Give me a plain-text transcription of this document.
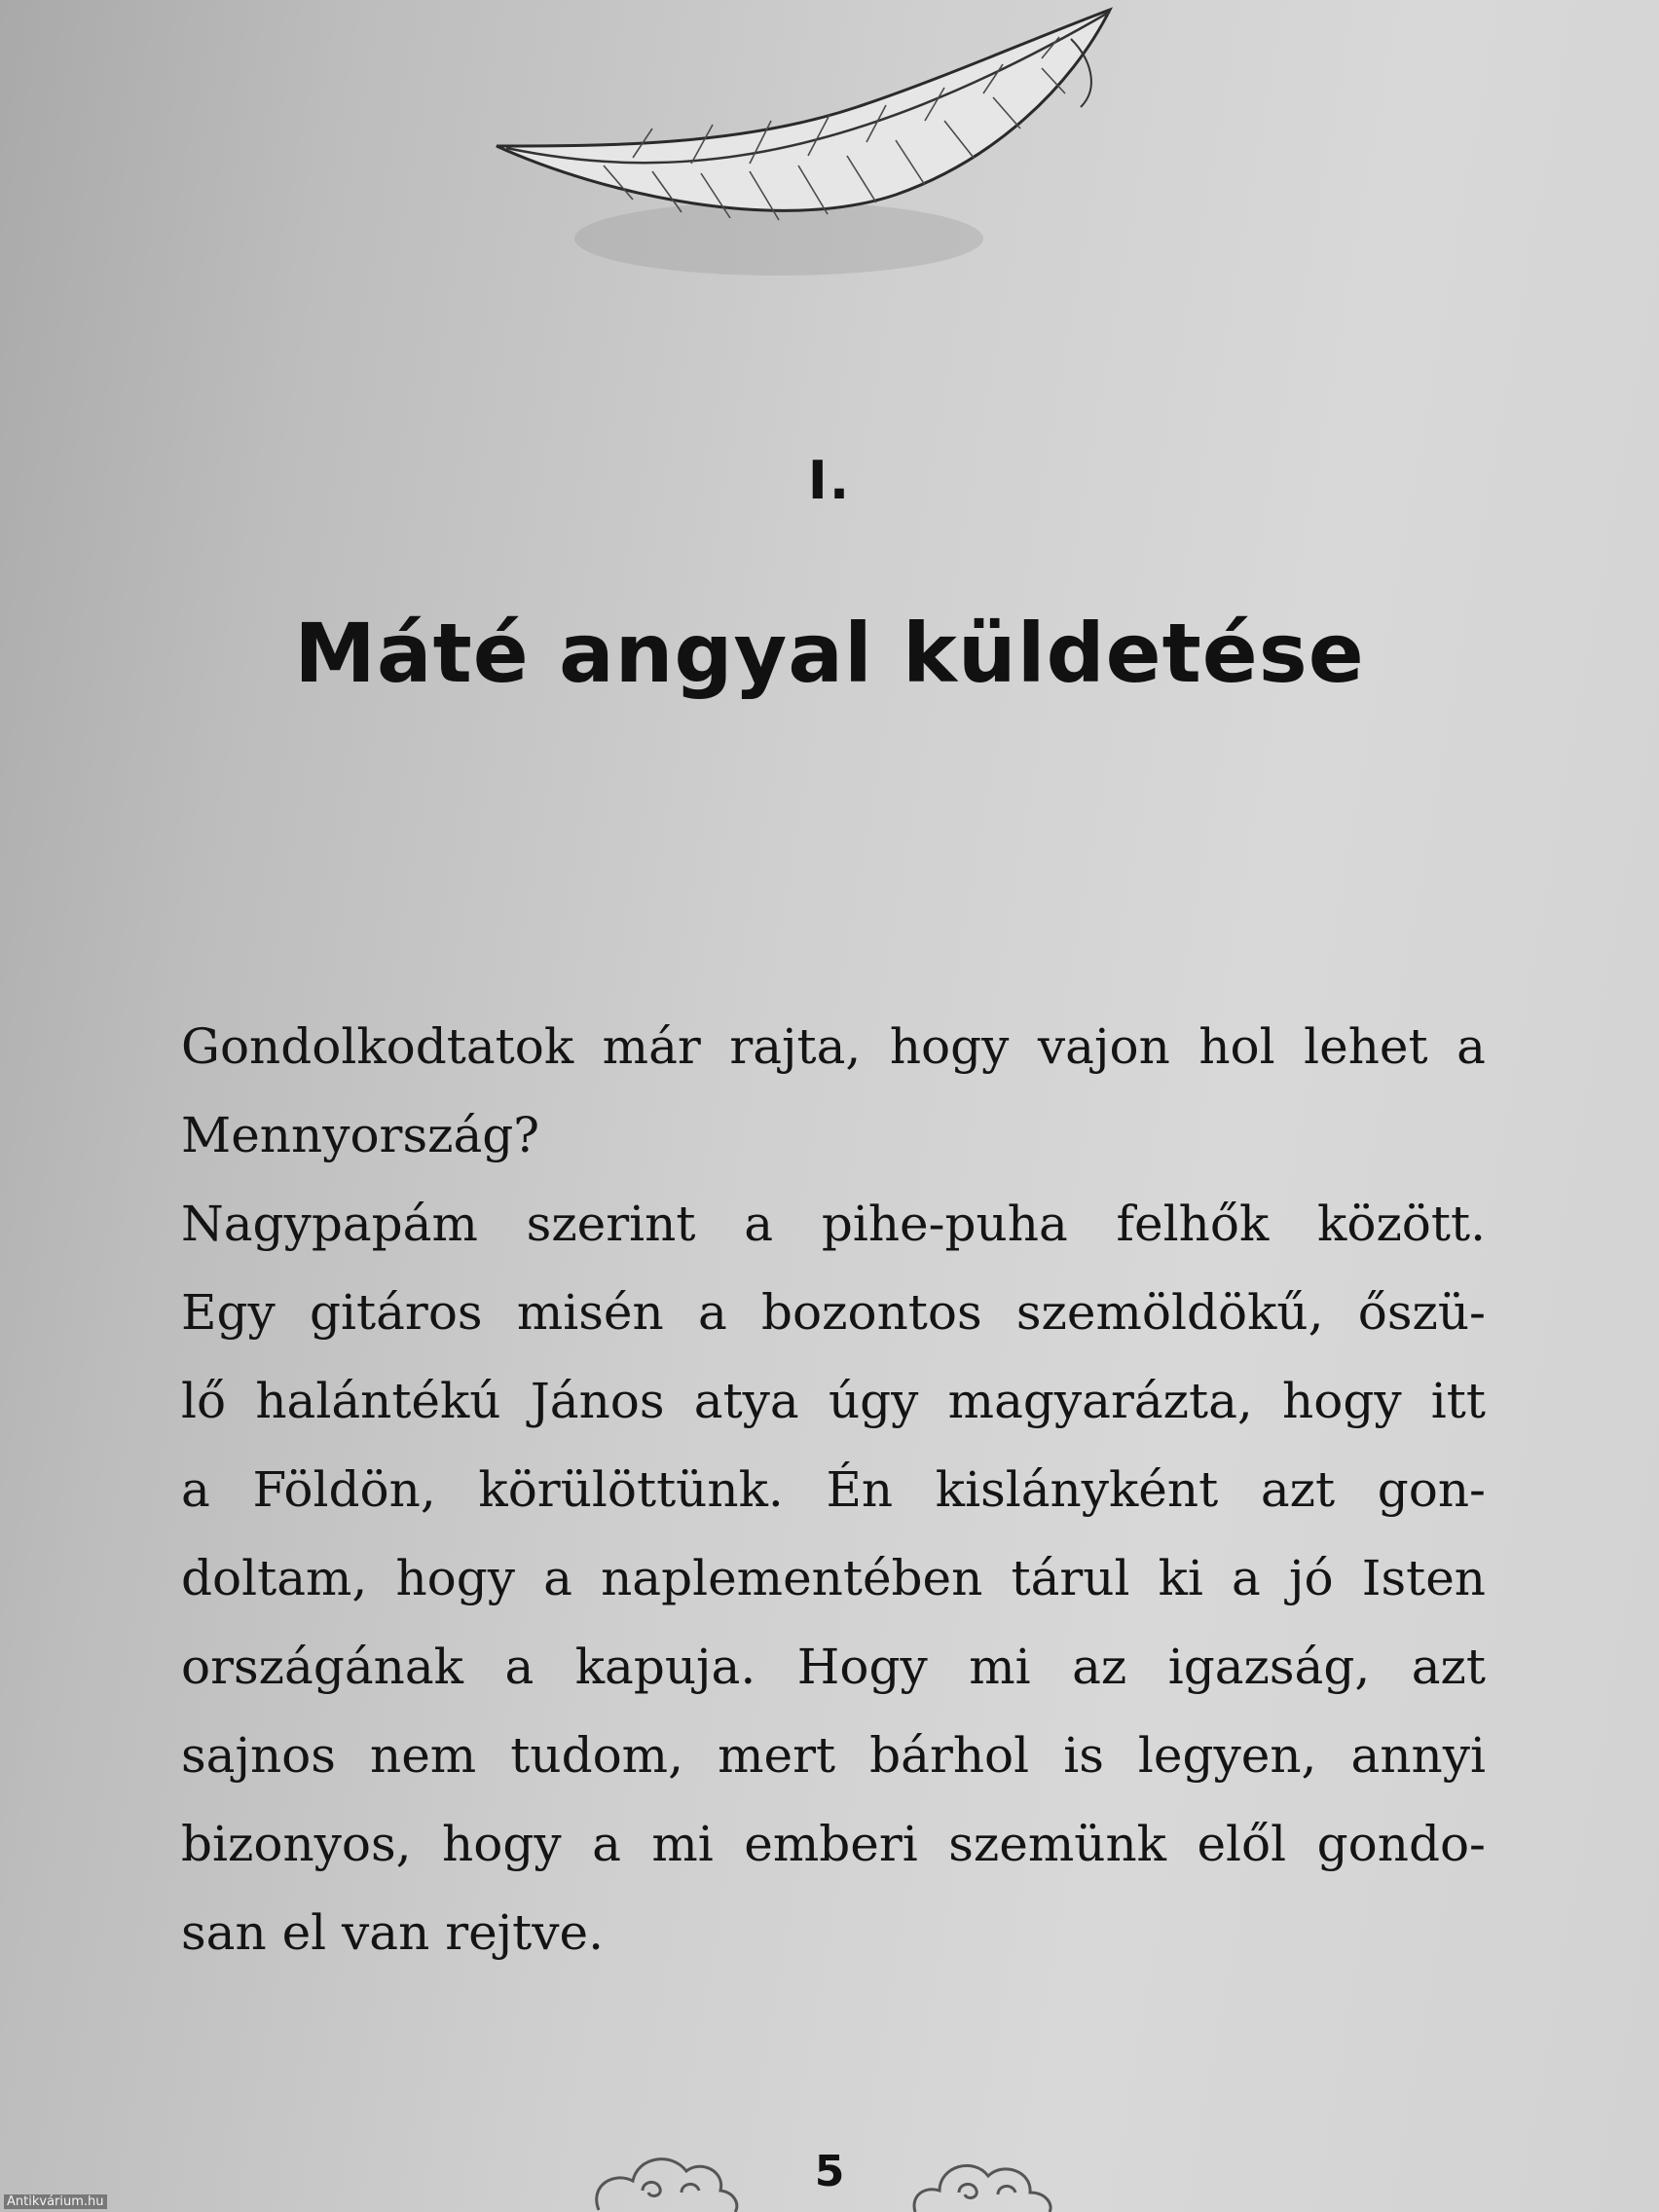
I.
Máté angyal küldetése
Gondolkodtatok már rajta, hogy vajon hol lehet a
Mennyország?
Nagypapám szerint a pihe-puha felhők között.
Egy gitáros misén a bozontos szemöldökű, őszü-
lő halántékú János atya úgy magyarázta, hogy itt
a Földön, körülöttünk. Én kislányként azt gon-
doltam, hogy a naplementében tárul ki a jó Isten
országának a kapuja. Hogy mi az igazság, azt
sajnos nem tudom, mert bárhol is legyen, annyi
bizonyos, hogy a mi emberi szemünk elől gondo-
san el van rejtve.
5
Antikvárium.hu
